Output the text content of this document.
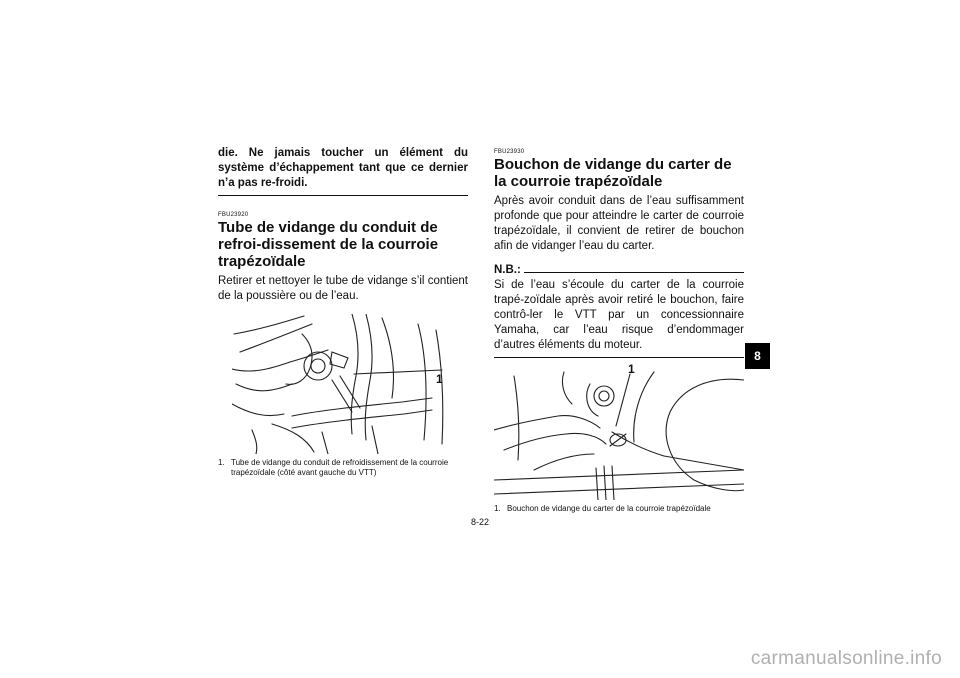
die. Ne jamais toucher un élément du système d’échappement tant que ce dernier n’a pas re-froidi.
FBU23920
Tube de vidange du conduit de refroi-dissement de la courroie trapézoïdale
Retirer et nettoyer le tube de vidange s’il contient de la poussière ou de l’eau.
1
1. Tube de vidange du conduit de refroidissement de la courroie trapézoïdale (côté avant gauche du VTT)
FBU23930
Bouchon de vidange du carter de la courroie trapézoïdale
Après avoir conduit dans de l’eau suffisamment profonde que pour atteindre le carter de courroie trapézoïdale, il convient de retirer de bouchon afin de vidanger l’eau du carter.
N.B.:
Si de l’eau s’écoule du carter de la courroie trapé-zoïdale après avoir retiré le bouchon, faire contrô-ler le VTT par un concessionnaire Yamaha, car l’eau risque d’endommager d’autres éléments du moteur.
1
1. Bouchon de vidange du carter de la courroie trapézoïdale
8
8-22
carmanualsonline.info
